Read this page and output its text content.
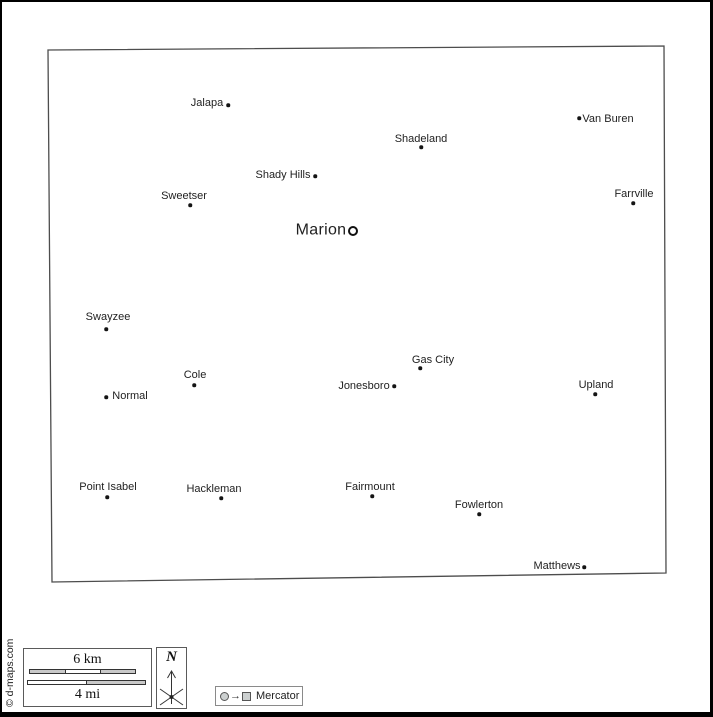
Jalapa
Van Buren
Shadeland
Shady Hills
Farrville
Sweetser
Marion
Swayzee
Gas City
Jonesboro	Upland
Cole
Normal
Point Isabel	Hackleman	Fairmount
Fowlerton
Matthews
6 km
4 mi
N
→ Mercator
© d-maps.com
